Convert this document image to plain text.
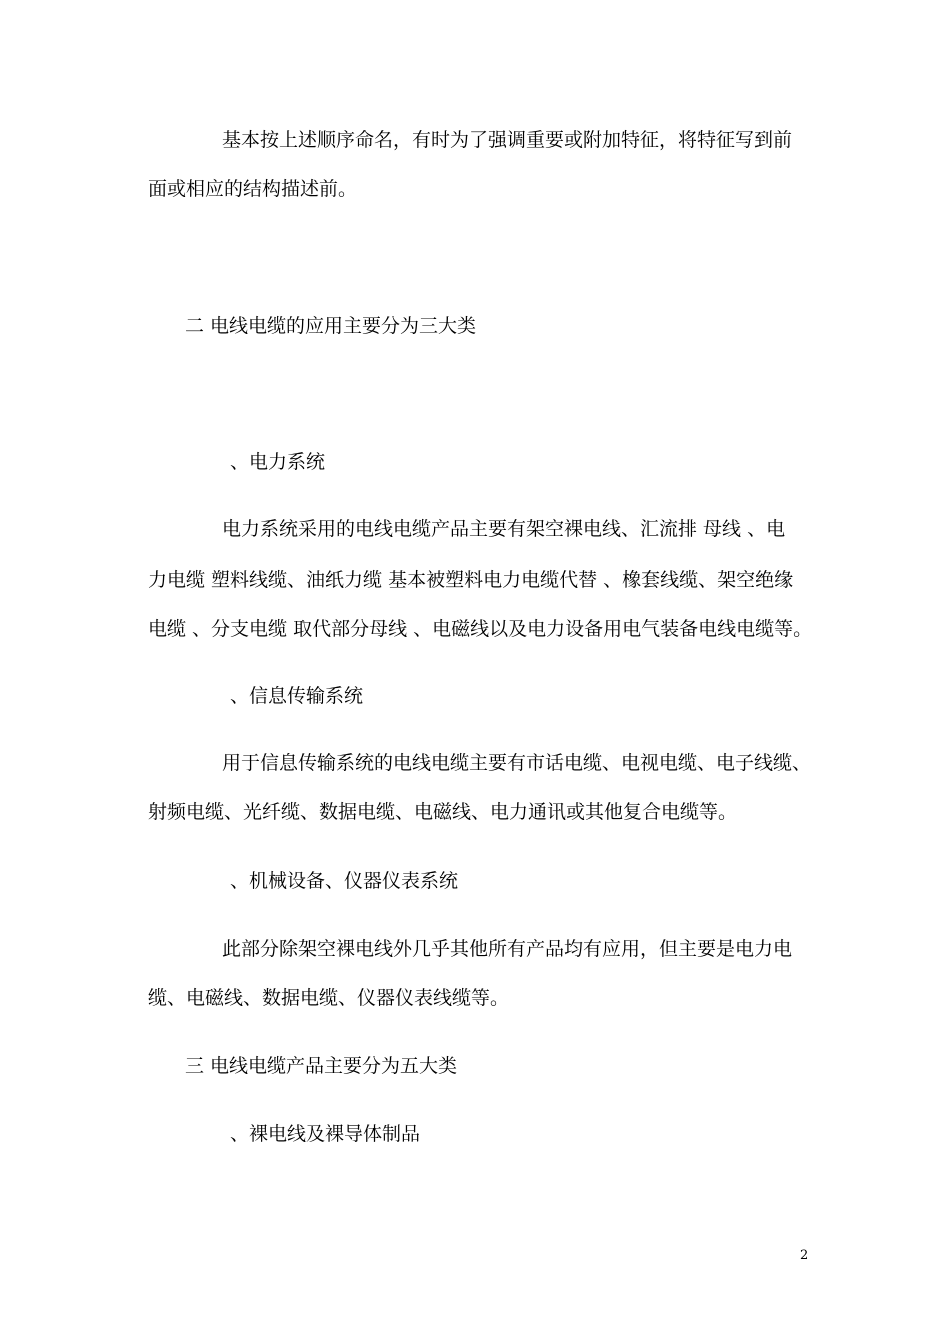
基本按上述顺序命名，有时为了强调重要或附加特征，将特征写到前

面或相应的结构描述前。

二 电线电缆的应用主要分为三大类

、电力系统

电力系统采用的电线电缆产品主要有架空裸电线、汇流排 母线 、电

力电缆 塑料线缆、油纸力缆 基本被塑料电力电缆代替 、橡套线缆、架空绝缘

电缆 、分支电缆 取代部分母线 、电磁线以及电力设备用电气装备电线电缆等。

、信息传输系统

用于信息传输系统的电线电缆主要有市话电缆、电视电缆、电子线缆、

射频电缆、光纤缆、数据电缆、电磁线、电力通讯或其他复合电缆等。

、机械设备、仪器仪表系统

此部分除架空裸电线外几乎其他所有产品均有应用，但主要是电力电

缆、电磁线、数据电缆、仪器仪表线缆等。

三 电线电缆产品主要分为五大类

、裸电线及裸导体制品

2
